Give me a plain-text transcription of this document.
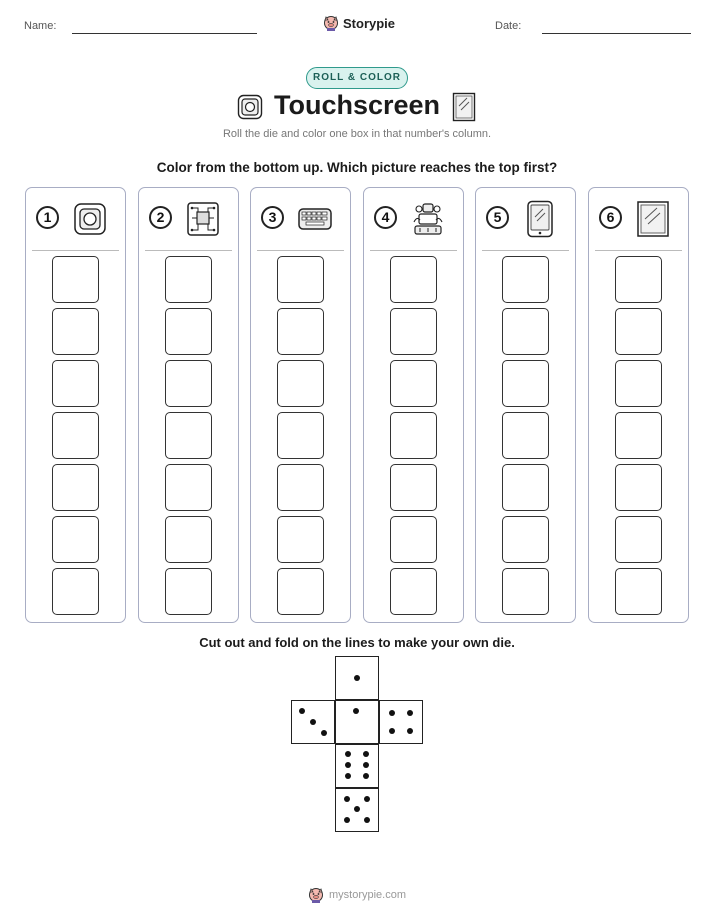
Name:	Storypie	Date:
ROLL & COLOR
Touchscreen
Roll the die and color one box in that number's column.
Color from the bottom up. Which picture reaches the top first?
1	2	3	4	5	6
Cut out and fold on the lines to make your own die.
mystorypie.com
